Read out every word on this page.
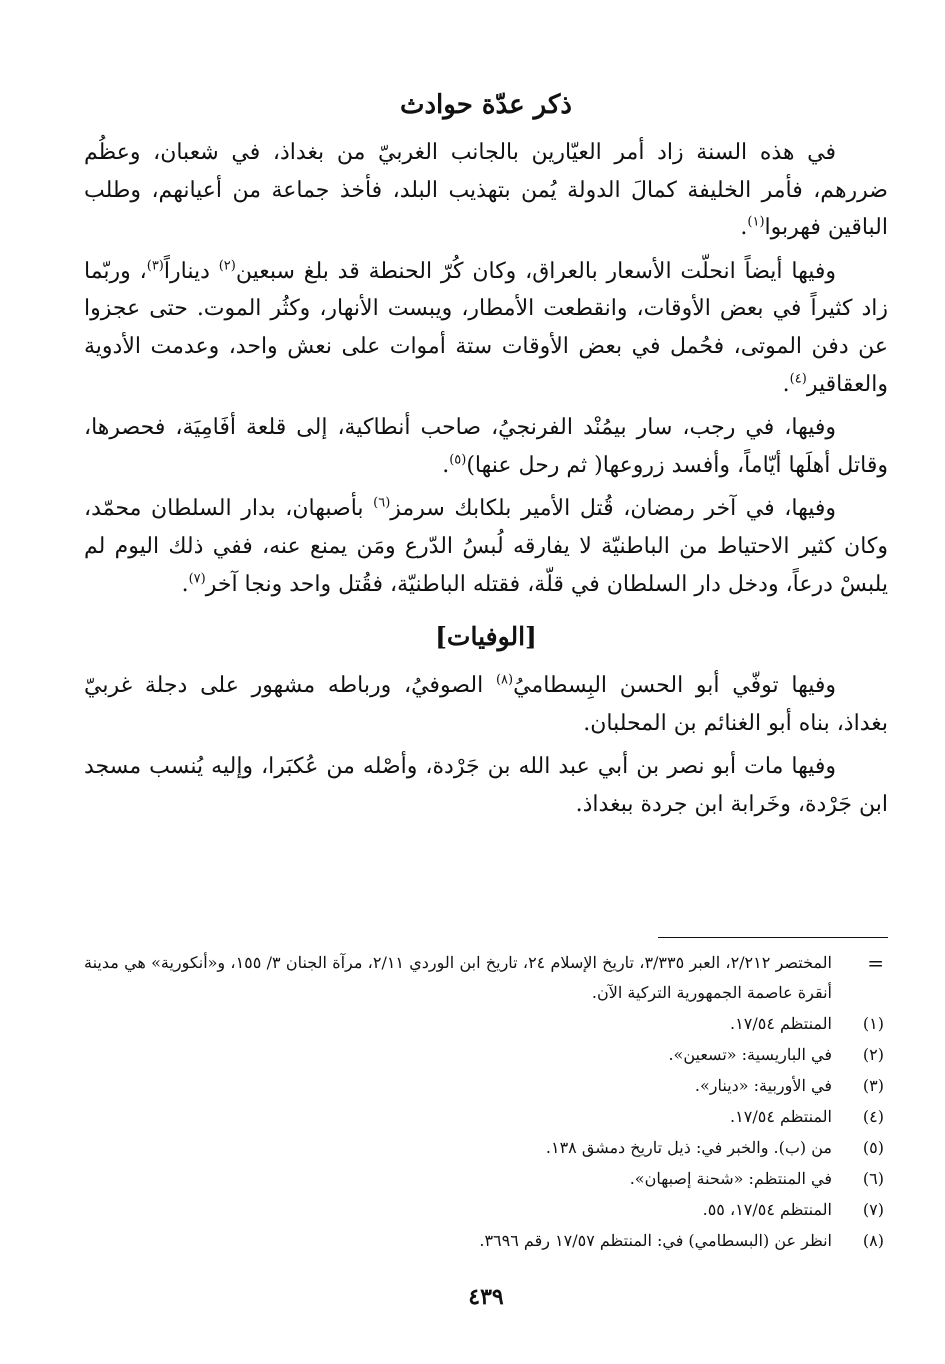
ذكر عدّة حوادث

في هذه السنة زاد أمر العيّارين بالجانب الغربيّ من بغداذ، في شعبان، وعظُم ضررهم، فأمر الخليفة كمالَ الدولة يُمن بتهذيب البلد، فأخذ جماعة من أعيانهم، وطلب الباقين فهربوا$^{(١)}$.

وفيها أيضاً انحلّت الأسعار بالعراق، وكان كُرّ الحنطة قد بلغ سبعين$^{(٢)}$ ديناراً$^{(٣)}$، وربّما زاد كثيراً في بعض الأوقات، وانقطعت الأمطار، ويبست الأنهار، وكثُر الموت. حتى عجزوا عن دفن الموتى، فحُمل في بعض الأوقات ستة أموات على نعش واحد، وعدمت الأدوية والعقاقير$^{(٤)}$.

وفيها، في رجب، سار بيمُنْد الفرنجيُ، صاحب أنطاكية، إلى قلعة أفَامِيَة، فحصرها، وقاتل أهلَها أيّاماً، وأفسد زروعها( ثم رحل عنها)$^{(٥)}$.

وفيها، في آخر رمضان، قُتل الأمير بلكابك سرمز$^{(٦)}$ بأصبهان، بدار السلطان محمّد، وكان كثير الاحتياط من الباطنيّة لا يفارقه لُبسُ الدّرع ومَن يمنع عنه، ففي ذلك اليوم لم يلبسْ درعاً، ودخل دار السلطان في قلّة، فقتله الباطنيّة، فقُتل واحد ونجا آخر$^{(٧)}$.

[الوفيات]

وفيها توفّي أبو الحسن البِسطاميُ$^{(٨)}$ الصوفيُ، ورباطه مشهور على دجلة غربيّ بغداذ، بناه أبو الغنائم بن المحلبان.

وفيها مات أبو نصر بن أبي عبد الله بن جَرْدة، وأصْله من عُكبَرا، وإليه يُنسب مسجد ابن جَرْدة، وخَرابة ابن جردة ببغداذ.

=
المختصر ٢/٢١٢، العبر ٣/٣٣٥، تاريخ الإسلام ٢٤، تاريخ ابن الوردي ٢/١١، مرآة الجنان ٣/ ١٥٥، و«أنكورية» هي مدينة أنقرة عاصمة الجمهورية التركية الآن.
(١)
المنتظم ١٧/٥٤.
(٢)
في الباريسية: «تسعين».
(٣)
في الأوربية: «دينار».
(٤)
المنتظم ١٧/٥٤.
(٥)
من (ب). والخبر في: ذيل تاريخ دمشق ١٣٨.
(٦)
في المنتظم: «شحنة إصبهان».
(٧)
المنتظم ١٧/٥٤، ٥٥.
(٨)
انظر عن (البسطامي) في: المنتظم ١٧/٥٧ رقم ٣٦٩٦.
٤٣٩
